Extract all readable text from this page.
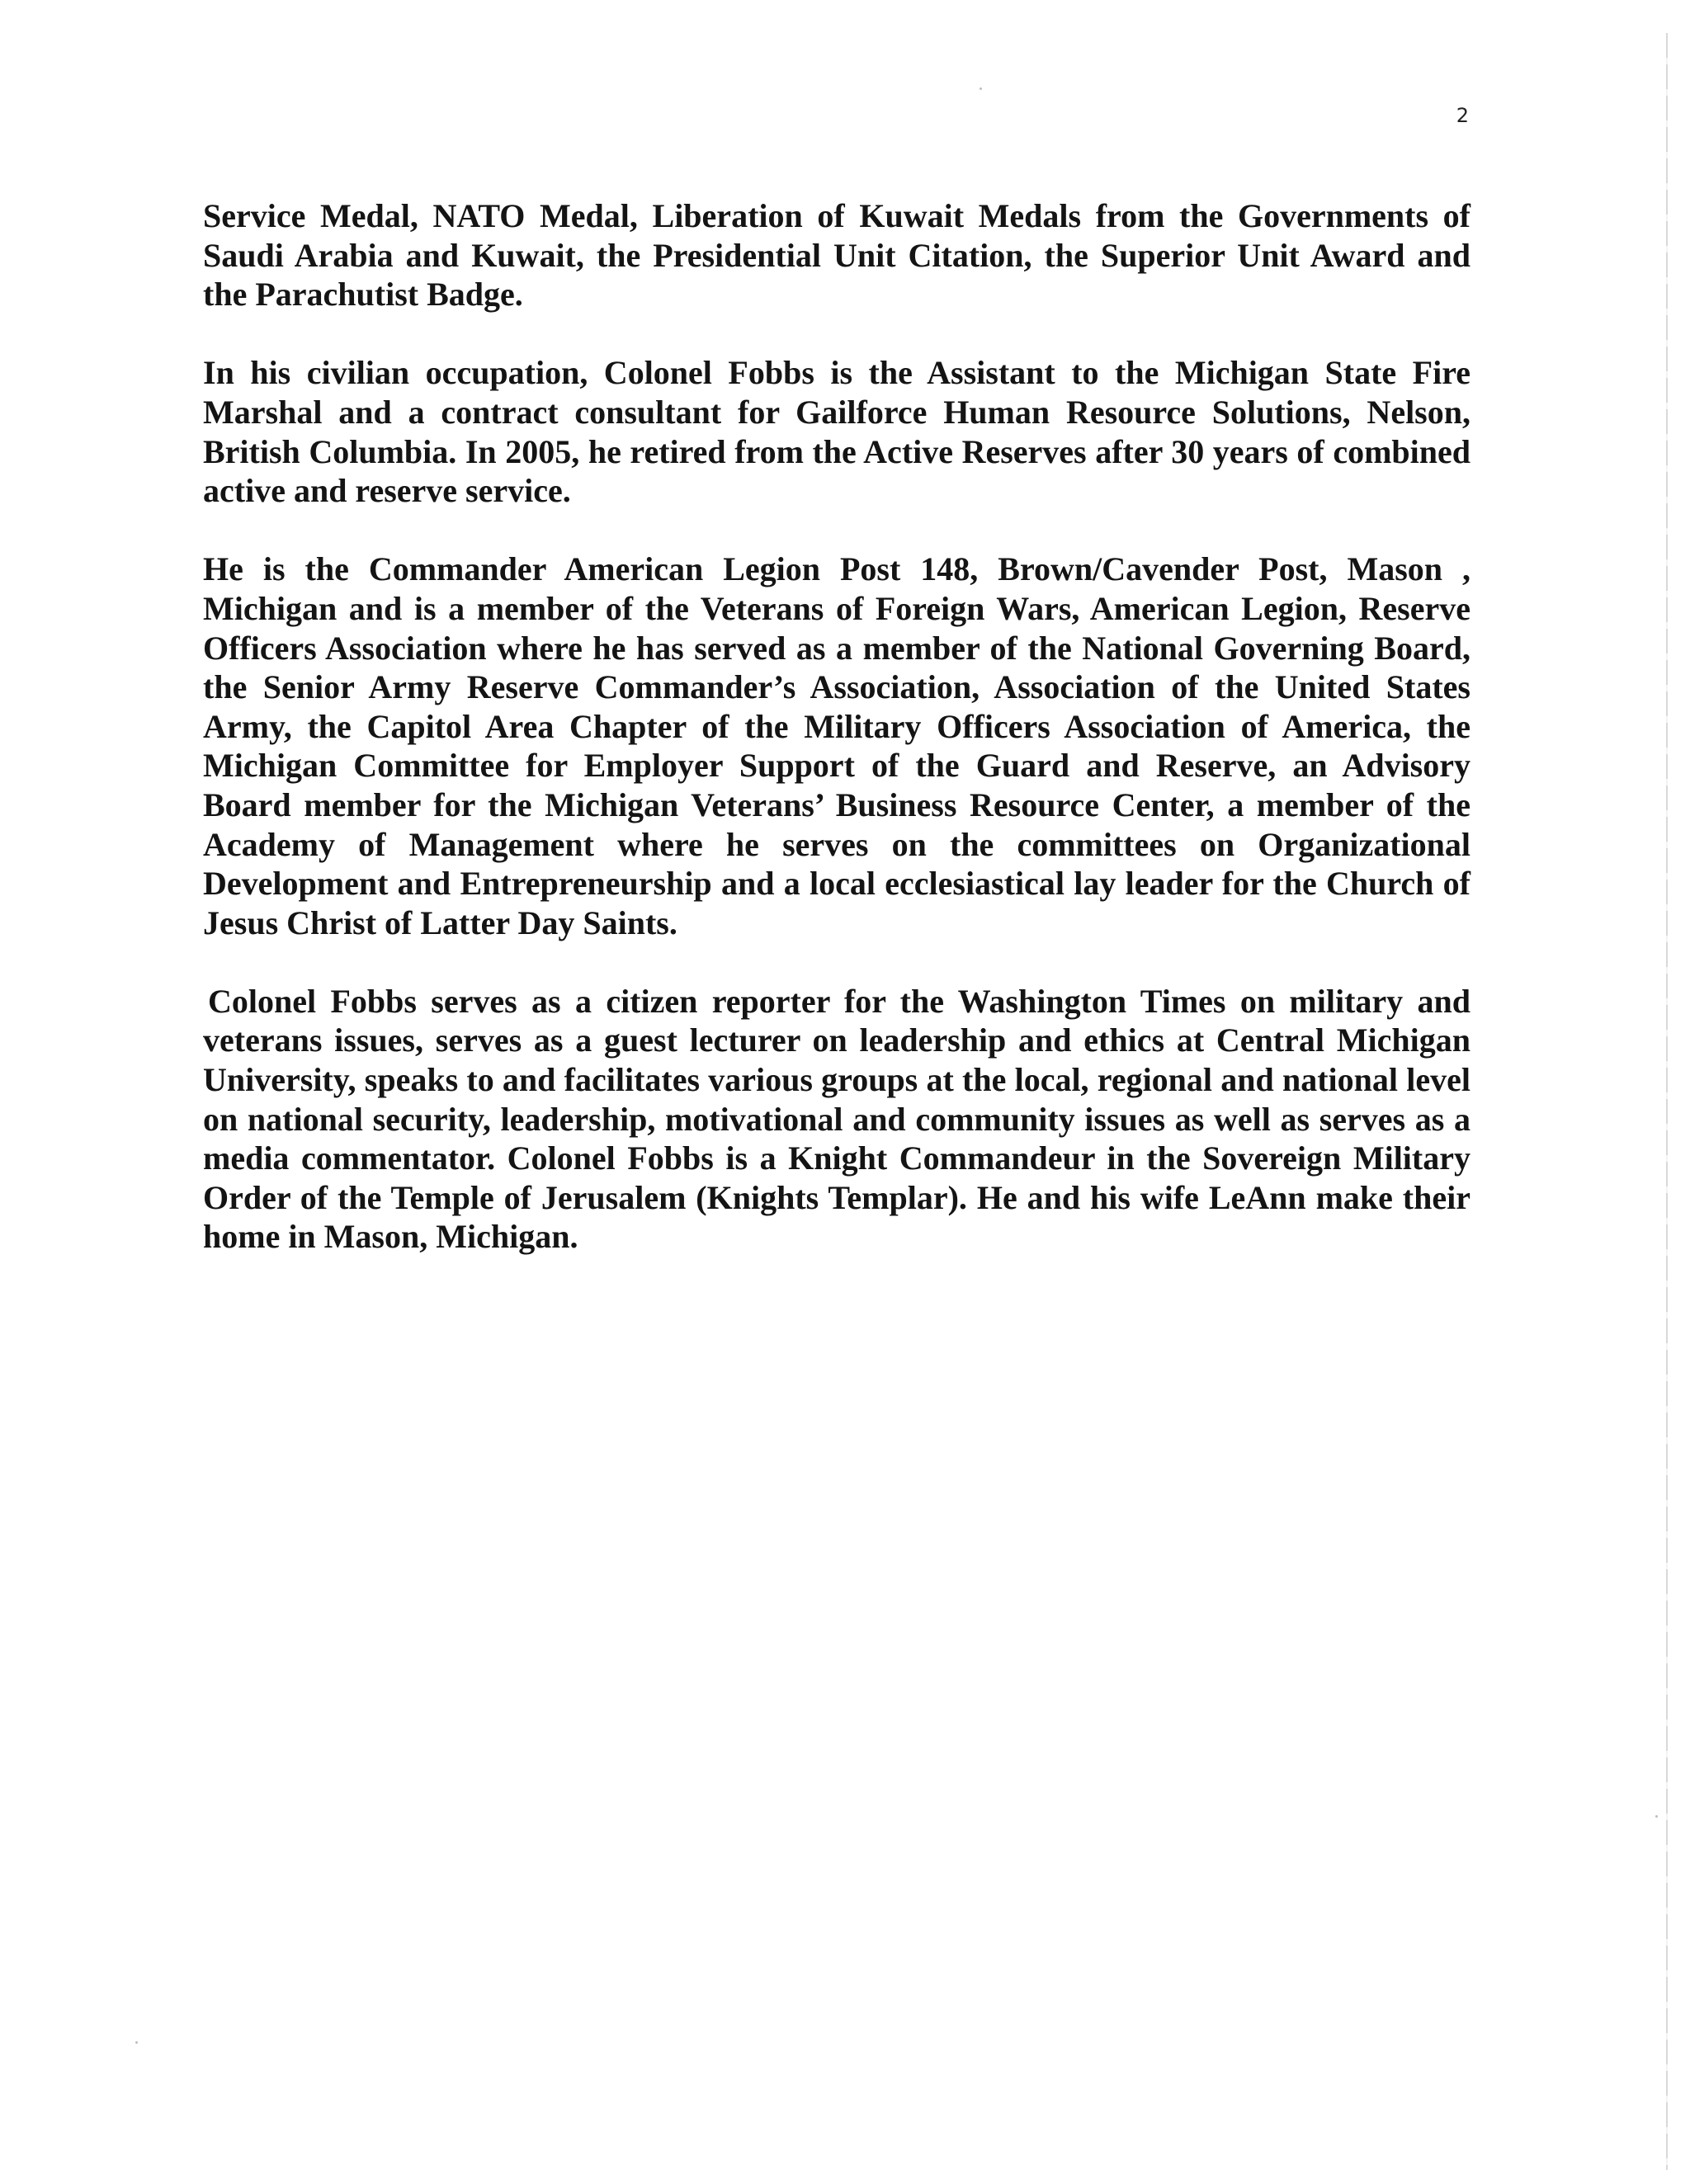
2

Service Medal, NATO Medal, Liberation of Kuwait Medals from the Governments of Saudi Arabia and Kuwait, the Presidential Unit Citation, the Superior Unit Award and the Parachutist Badge.

In his civilian occupation, Colonel Fobbs is the Assistant to the Michigan State Fire Marshal and a contract consultant for Gailforce Human Resource Solutions, Nelson, British Columbia. In 2005, he retired from the Active Reserves after 30 years of combined active and reserve service.

He is the Commander American Legion Post 148, Brown/Cavender Post, Mason , Michigan and is a member of the Veterans of Foreign Wars, American Legion, Reserve Officers Association where he has served as a member of the National Governing Board, the Senior Army Reserve Commander’s Association, Association of the United States Army, the Capitol Area Chapter of the Military Officers Association of America, the Michigan Committee for Employer Support of the Guard and Reserve, an Advisory Board member for the Michigan Veterans’ Business Resource Center, a member of the Academy of Management where he serves on the committees on Organizational Development and Entrepreneurship and a local ecclesiastical lay leader for the Church of Jesus Christ of Latter Day Saints.

Colonel Fobbs serves as a citizen reporter for the Washington Times on military and veterans issues, serves as a guest lecturer on leadership and ethics at Central Michigan University, speaks to and facilitates various groups at the local, regional and national level on national security, leadership, motivational and community issues as well as serves as a media commentator. Colonel Fobbs is a Knight Commandeur in the Sovereign Military Order of the Temple of Jerusalem (Knights Templar). He and his wife LeAnn make their home in Mason, Michigan.
